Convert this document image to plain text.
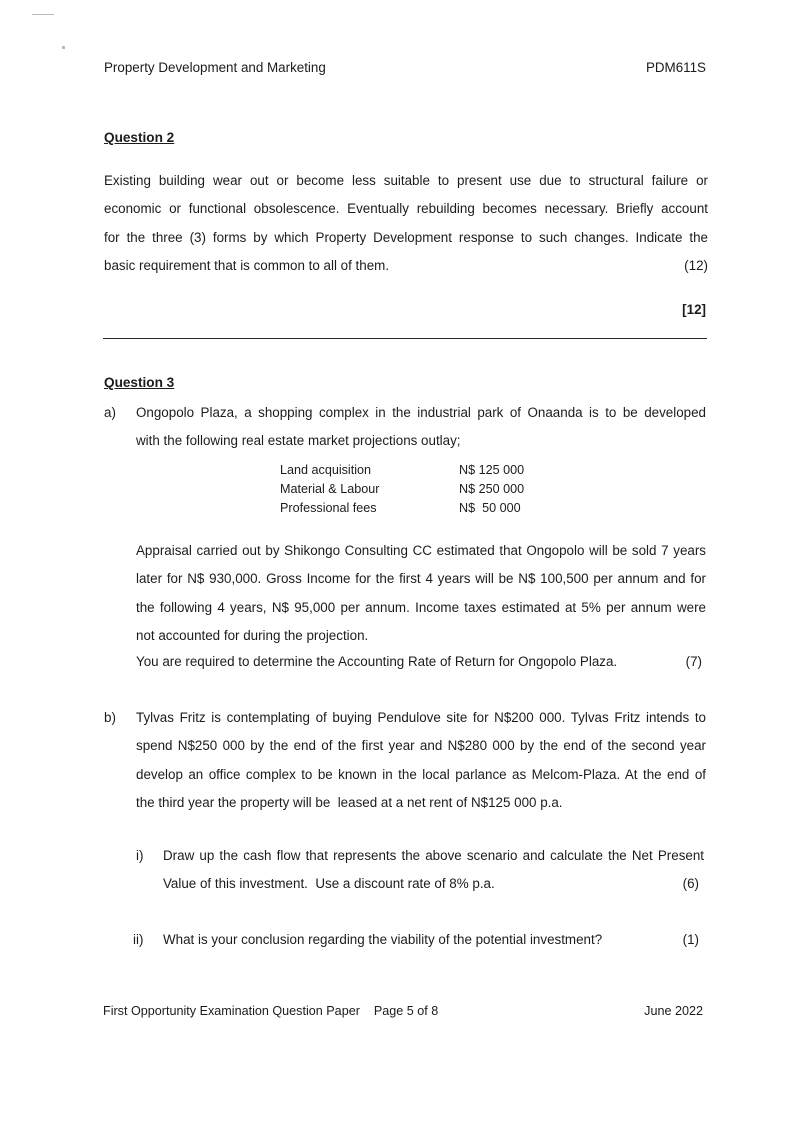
Property Development and Marketing	PDM611S
Question 2
Existing building wear out or become less suitable to present use due to structural failure or
economic or functional obsolescence. Eventually rebuilding becomes necessary. Briefly account
for the three (3) forms by which Property Development response to such changes. Indicate the
basic requirement that is common to all of them.	(12)
[12]
Question 3
a) Ongopolo Plaza, a shopping complex in the industrial park of Onaanda is to be developed
with the following real estate market projections outlay;
Land acquisition	N$ 125 000
Material & Labour	N$ 250 000
Professional fees	N$  50 000
Appraisal carried out by Shikongo Consulting CC estimated that Ongopolo will be sold 7 years
later for N$ 930,000. Gross Income for the first 4 years will be N$ 100,500 per annum and for
the following 4 years, N$ 95,000 per annum. Income taxes estimated at 5% per annum were
not accounted for during the projection.
You are required to determine the Accounting Rate of Return for Ongopolo Plaza.	(7)
b) Tylvas Fritz is contemplating of buying Pendulove site for N$200 000. Tylvas Fritz intends to
spend N$250 000 by the end of the first year and N$280 000 by the end of the second year
develop an office complex to be known in the local parlance as Melcom-Plaza. At the end of
the third year the property will be  leased at a net rent of N$125 000 p.a.
i) Draw up the cash flow that represents the above scenario and calculate the Net Present
Value of this investment.  Use a discount rate of 8% p.a.	(6)
ii) What is your conclusion regarding the viability of the potential investment?	(1)
First Opportunity Examination Question Paper    Page 5 of 8	June 2022
